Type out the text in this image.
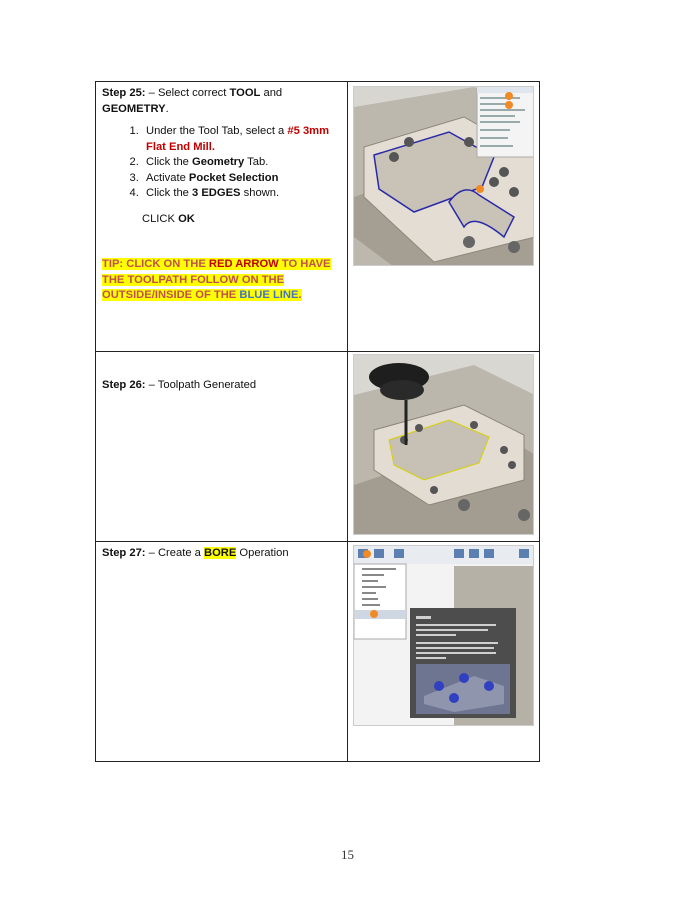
Step 25: – Select correct TOOL and
GEOMETRY.
1. Under the Tool Tab, select a #5 3mm Flat End Mill.
2. Click the Geometry Tab.
3. Activate Pocket Selection
4. Click the 3 EDGES shown.
CLICK OK
TIP: CLICK ON THE RED ARROW TO HAVE THE TOOLPATH FOLLOW ON THE OUTSIDE/INSIDE OF THE BLUE LINE.
Step 26: – Toolpath Generated
Step 27: – Create a BORE Operation
15
